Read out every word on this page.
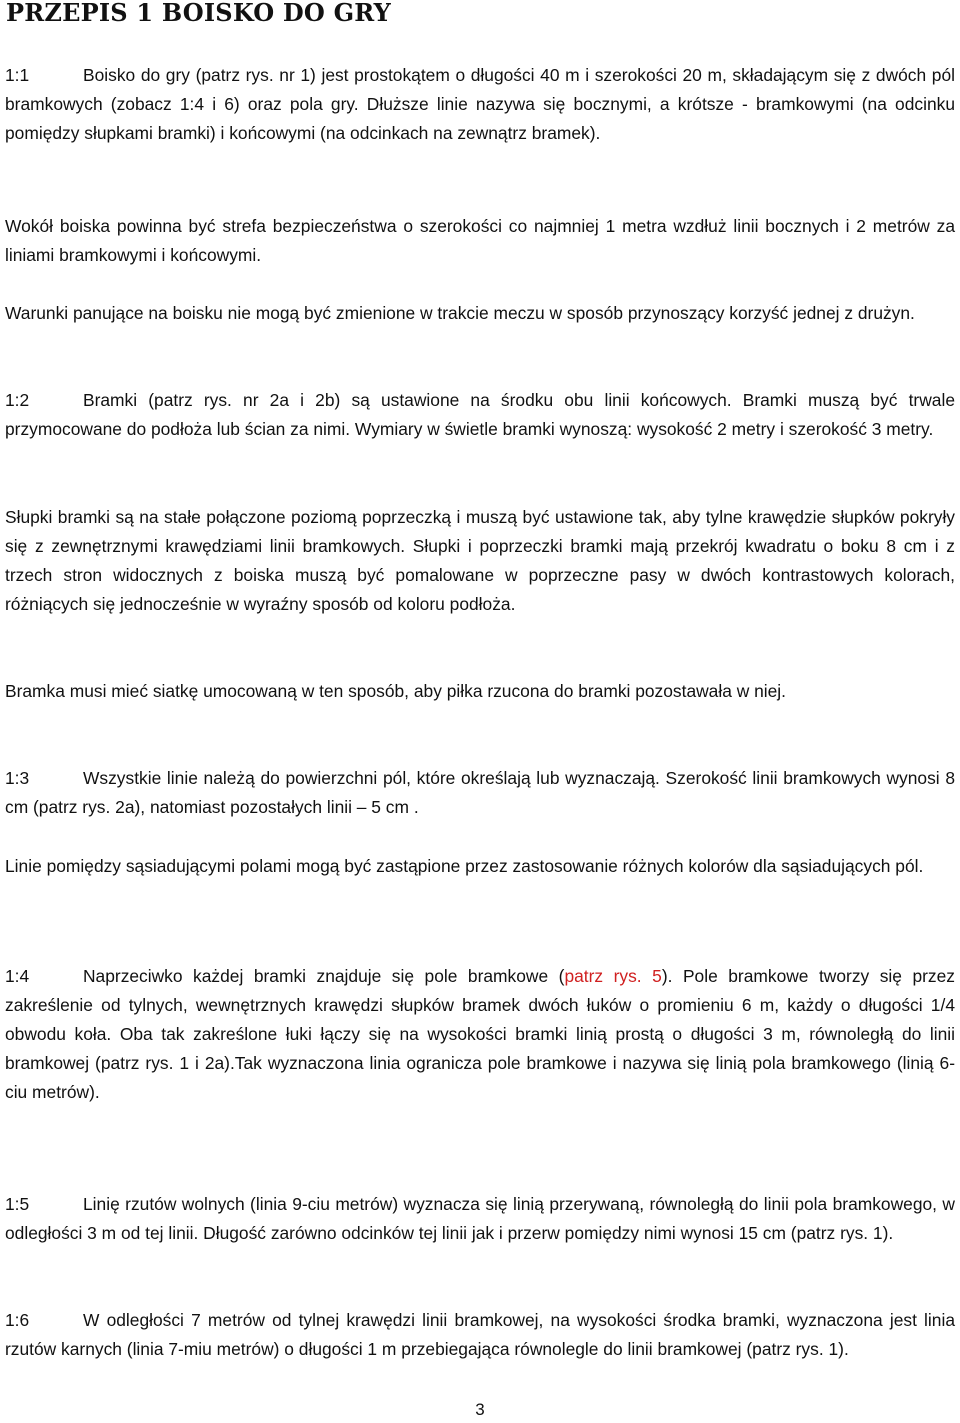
PRZEPIS 1 BOISKO DO GRY

1:1	Boisko do gry (patrz rys. nr 1) jest prostokątem o długości 40 m i szerokości 20 m, składającym się z dwóch pól bramkowych (zobacz 1:4 i 6) oraz pola gry. Dłuższe linie nazywa się bocznymi, a krótsze - bramkowymi (na odcinku pomiędzy słupkami bramki) i końcowymi (na odcinkach na zewnątrz bramek).

Wokół boiska powinna być strefa bezpieczeństwa o szerokości co najmniej 1 metra wzdłuż linii bocznych i 2 metrów za liniami bramkowymi i końcowymi.

Warunki panujące na boisku nie mogą być zmienione w trakcie meczu w sposób przynoszący korzyść jednej z drużyn.

1:2	Bramki (patrz rys. nr 2a i 2b) są ustawione na środku obu linii końcowych. Bramki muszą być trwale przymocowane do podłoża lub ścian za nimi. Wymiary w świetle bramki wynoszą: wysokość 2 metry i szerokość 3 metry.

Słupki bramki są na stałe połączone poziomą poprzeczką i muszą być ustawione tak, aby tylne krawędzie słupków pokryły się z zewnętrznymi krawędziami linii bramkowych. Słupki i poprzeczki bramki mają przekrój kwadratu o boku 8 cm i z trzech stron widocznych z boiska muszą być pomalowane w poprzeczne pasy w dwóch kontrastowych kolorach, różniących się jednocześnie w wyraźny sposób od koloru podłoża.

Bramka musi mieć siatkę umocowaną w ten sposób, aby piłka rzucona do bramki pozostawała w niej.

1:3	Wszystkie linie należą do powierzchni pól, które określają lub wyznaczają. Szerokość linii bramkowych wynosi 8 cm (patrz rys. 2a), natomiast pozostałych linii – 5 cm .

Linie pomiędzy sąsiadującymi polami mogą być zastąpione przez zastosowanie różnych kolorów dla sąsiadujących pól.

1:4	Naprzeciwko każdej bramki znajduje się pole bramkowe (patrz rys. 5). Pole bramkowe tworzy się przez zakreślenie od tylnych, wewnętrznych krawędzi słupków bramek dwóch łuków o promieniu 6 m, każdy o długości 1/4 obwodu koła. Oba tak zakreślone łuki łączy się na wysokości bramki linią prostą o długości 3 m, równoległą do linii bramkowej (patrz rys. 1 i 2a).Tak wyznaczona linia ogranicza pole bramkowe i nazywa się linią pola bramkowego (linią 6-ciu metrów).

1:5	Linię rzutów wolnych (linia 9-ciu metrów) wyznacza się linią przerywaną, równoległą do linii pola bramkowego, w odległości 3 m od tej linii. Długość zarówno odcinków tej linii jak i przerw pomiędzy nimi wynosi 15 cm (patrz rys. 1).

1:6	W odległości 7 metrów od tylnej krawędzi linii bramkowej, na wysokości środka bramki, wyznaczona jest linia rzutów karnych (linia 7-miu metrów) o długości 1 m przebiegająca równolegle do linii bramkowej (patrz rys. 1).

3
